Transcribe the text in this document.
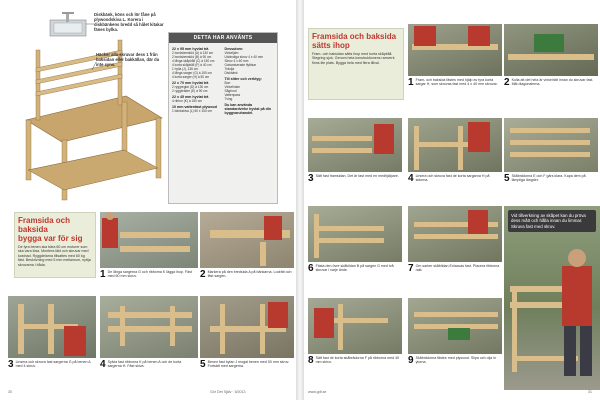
Diskbänk, köns och lör fåne på plywoodskiva L. Korera i diskbänkens bredd så hålet kitakar fänes bylka.
Häcker alla skruvar dess 1 från baksidan eller bakkällan, där du inte syns.
DETTA HAR ANVÄNTS
22 x 95 mm hyvlat trä
2 bordsbenstöd (A) à 130 cm
2 bordsbenstöd (B) à 90 cm
4 långa skåpbåll (C) à 150 cm
4 korta skåpbåll (F) à 40 cm
1 hylla (J), 136 cm
4 långa sarger (G) à 150 cm
4 korta sarger (H) à 50 cm
22 x 70 mm hyvlat trä
2 ryggreglar (D) à 130 cm
2 ryggbräder (E) à 90 cm
22 x 45 mm hyvlat trä
4 ribbor (K) à 150 cm
10 mm vattenfast plywood
1 bänkskiva (L) 60 x 150 cm
Dessutom:
Vinkeljärn
Utvändiga skruv 4 x 40 mm
Skruv 4 x 60 mm
Galvaniserade flyttisar
Träolja
Diskbänk
Till sitter och verktyg:
Borr
Vinkelhake
Sågbord
Vattenpass
Tving
Du kan använda standardvirke hyvlat på din byggvaruhandel.
Framsida och baksida
bygga var för sig

De fyra benen ska bära 60 cm motorer som ska vara lösa. Montera läkt och skruvar med kostnad. Ryggdelarna tillsattes med 60 kg fäst. Beskrivning med 5 mm mellanrum, nyttja skruvarna i båda.

1 De långa sargerna G och ribborna K lägga ihop. Fäst med 60 mm skruv.	2 Markera på den bredsida A på bänkarna. Lodrätt och fäst sargen.
3 Linsera och skruva fast sargerna G på benen A med 4 skruv.	4 Sylvia fast ribborna K på benen A och de korta sargerna H. Fäst skiva.	5 Benen fast bylan J mogal benen med 50 mm skruv. Fortsätt med sargerna.
30	Gör Det Själv · 5/2013
Framsida och baksida
sätts ihop

Fram- och baksidan sätts ihop med korta skåpbåll. Stegring sjuk. Genom hela konstruktionens ramverk finns lite plats. Bygga hela med flera tillval.

1 Fram- och baksida fästes med hjälp av fyra korta sargar H, som skruvas fast med 4 x 40 mm skruvar. 2 Kolla att det hela är vinkelrätt innan du skruvar fast. Mät diagonalerna.
3 Sätt fast framsidan. Det är fast med en medhjälpare. 4 Lirsera och skruva fast de korta sargarna H på sidorna.	5 Skåbrädorna E och F gärs klara. Kapa dem på lämpliga längder.
6 Fästa den övre skåbildan B på sargen G med två skruvar i varje ände.	7 Om sarker skåbildan Enlaccas fast. Placera ribborna rakt.
8 Sätt fast de korta skåbrädorna F på ribborna med 40 mm skruv.	9 Skåbrädorna fästes med plywood. Slipa och olja in ytorna.
Vid tillverkning av skåpet kan du pröva dess mått och hålla innan du limmar. Skruva fast med skruv.
www.gdt.se	31
